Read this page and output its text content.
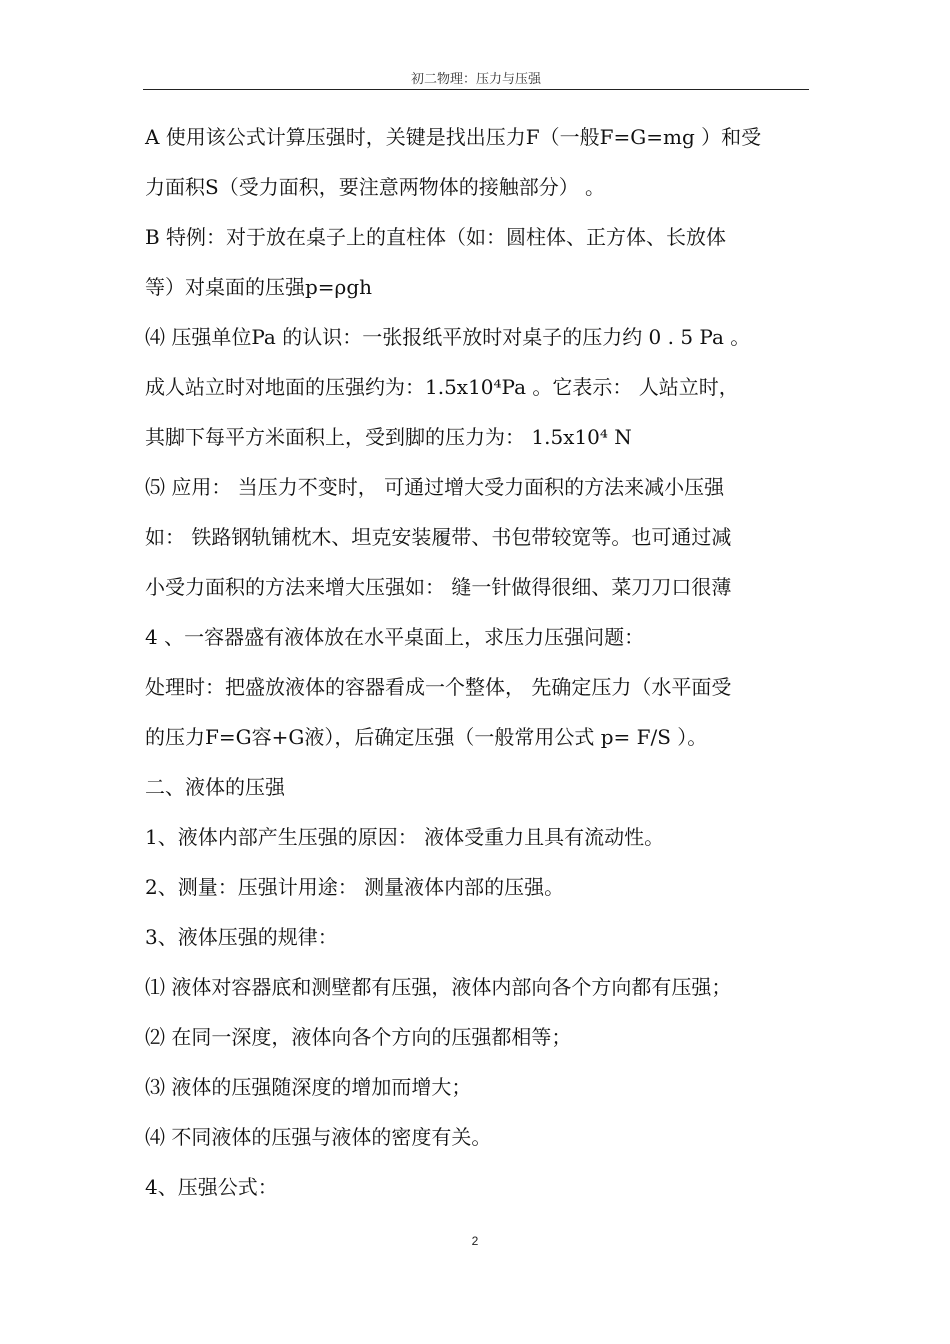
初二物理：压力与压强
A 使用该公式计算压强时，关键是找出压力F（一般F=G=mg ）和受
力面积S（受力面积，要注意两物体的接触部分） 。
B 特例：对于放在桌子上的直柱体（如：圆柱体、正方体、长放体
等）对桌面的压强p=ρgh
⑷ 压强单位Pa 的认识：一张报纸平放时对桌子的压力约 0 . 5 Pa 。
成人站立时对地面的压强约为：1.5x10⁴Pa 。它表示： 人站立时，
其脚下每平方米面积上，受到脚的压力为： 1.5x10⁴ N
⑸ 应用： 当压力不变时， 可通过增大受力面积的方法来减小压强
如： 铁路钢轨铺枕木、坦克安装履带、书包带较宽等。也可通过减
小受力面积的方法来增大压强如： 缝一针做得很细、菜刀刀口很薄
4 、一容器盛有液体放在水平桌面上，求压力压强问题：
处理时：把盛放液体的容器看成一个整体， 先确定压力（水平面受
的压力F=G容+G液），后确定压强（一般常用公式 p= F/S ）。
二、液体的压强
1、液体内部产生压强的原因： 液体受重力且具有流动性。
2、测量：压强计用途： 测量液体内部的压强。
3、液体压强的规律：
⑴ 液体对容器底和测壁都有压强，液体内部向各个方向都有压强；
⑵ 在同一深度，液体向各个方向的压强都相等；
⑶ 液体的压强随深度的增加而增大；
⑷ 不同液体的压强与液体的密度有关。
4、压强公式：
2
